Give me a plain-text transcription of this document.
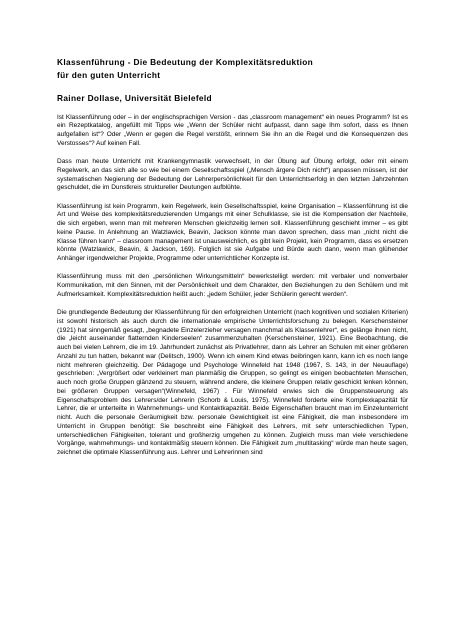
Klassenführung - Die Bedeutung der Komplexitätsreduktion
für den guten Unterricht

Rainer Dollase, Universität Bielefeld

Ist Klassenführung oder – in der englischsprachigen Version - das „classroom management“ ein neues Programm? Ist es ein Rezeptkatalog, angefüllt mit Tipps wie „Wenn der Schüler nicht aufpasst, dann sage Ihm sofort, dass es Ihnen aufgefallen ist“? Oder „Wenn er gegen die Regel verstößt, erinnern Sie ihn an die Regel und die Konsequenzen des Verstosses“? Auf keinen Fall.

Dass man heute Unterricht mit Krankengymnastik verwechselt, in der Übung auf Übung erfolgt, oder mit einem Regelwerk, an das sich alle so wie bei einem Gesellschaftsspiel („Mensch ärgere Dich nicht“) anpassen müssen, ist der systematischen Negierung der Bedeutung der Lehrerpersönlichkeit für den Unterrichtserfolg in den letzten Jahrzehnten geschuldet, die im Dunstkreis struktureller Deutungen aufblühte.

Klassenführung ist kein Programm, kein Regelwerk, kein Gesellschaftsspiel, keine Organisation – Klassenführung ist die Art und Weise des komplexitätsreduzierenden Umgangs mit einer Schulklasse, sie ist die Kompensation der Nachteile, die sich ergeben, wenn man mit mehreren Menschen gleichzeitig lernen soll. Klassenführung geschieht immer – es gibt keine Pause. In Anlehnung an Watzlawick, Beavin, Jackson könnte man davon sprechen, dass man „nicht nicht die Klasse führen kann“ – classroom management ist unausweichlich, es gibt kein Projekt, kein Programm, dass es ersetzen könnte (Watzlawick, Beavin, & Jackson, 169). Folglich ist sie Aufgabe und Bürde auch dann, wenn man glühender Anhänger irgendwelcher Projekte, Programme oder unterrichtlicher Konzepte ist.

Klassenführung muss mit den „persönlichen Wirkungsmitteln“ bewerkstelligt werden: mit verbaler und nonverbaler Kommunikation, mit den Sinnen, mit der Persönlichkeit und dem Charakter, den Beziehungen zu den Schülern und mit Aufmerksamkeit. Komplexitätsreduktion heißt auch: „jedem Schüler, jeder Schülerin gerecht werden“.

Die grundlegende Bedeutung der Klassenführung für den erfolgreichen Unterricht (nach kognitiven und sozialen Kriterien) ist sowohl historisch als auch durch die internationale empirische Unterrichtsforschung zu belegen. Kerschensteiner (1921) hat sinngemäß gesagt, „begnadete Einzelerzieher versagen manchmal als Klassenlehrer“, es gelänge ihnen nicht, die „leicht auseinander flatternden Kinderseelen“ zusammenzuhalten (Kerschensteiner, 1921). Eine Beobachtung, die auch bei vielen Lehrern, die im 19. Jahrhundert zunächst als Privatlehrer, dann als Lehrer an Schulen mit einer größeren Anzahl zu tun hatten, bekannt war (Delitsch, 1900). Wenn ich einem Kind etwas beibringen kann, kann ich es noch lange nicht mehreren gleichzeitig. Der Pädagoge und Psychologe Winnefeld hat 1948 (1967, S. 143, in der Neuauflage) geschrieben: „Vergrößert oder verkleinert man planmäßig die Gruppen, so gelingt es einigen beobachteten Menschen, auch noch große Gruppen glänzend zu steuern, während andere, die kleinere Gruppen relativ geschickt lenken können, bei größeren Gruppen versagen“(Winnefeld, 1967) . Für Winnefeld erwies sich die Gruppensteuerung als Eigenschaftsproblem des Lehrers/der Lehrerin (Schorb & Louis, 1975). Winnefeld forderte eine Komplexkapazität für Lehrer, die er unterteilte in Wahrnehmungs- und Kontaktkapazität. Beide Eigenschaften braucht man im Einzelunterricht nicht. Auch die personale Geräumigkeit bzw. personale Gewichtigkeit ist eine Fähigkeit, die man insbesondere im Unterricht in Gruppen benötigt: Sie beschreibt eine Fähigkeit des Lehrers, mit sehr unterschiedlichen Typen, unterschiedlichen Fähigkeiten, tolerant und großherzig umgehen zu können. Zugleich muss man viele verschiedene Vorgänge, wahrnehmungs- und kontaktmäßig steuern können. Die Fähigkeit zum „multitasking“ würde man heute sagen, zeichnet die optimale Klassenführung aus. Lehrer und Lehrerinnen sind
